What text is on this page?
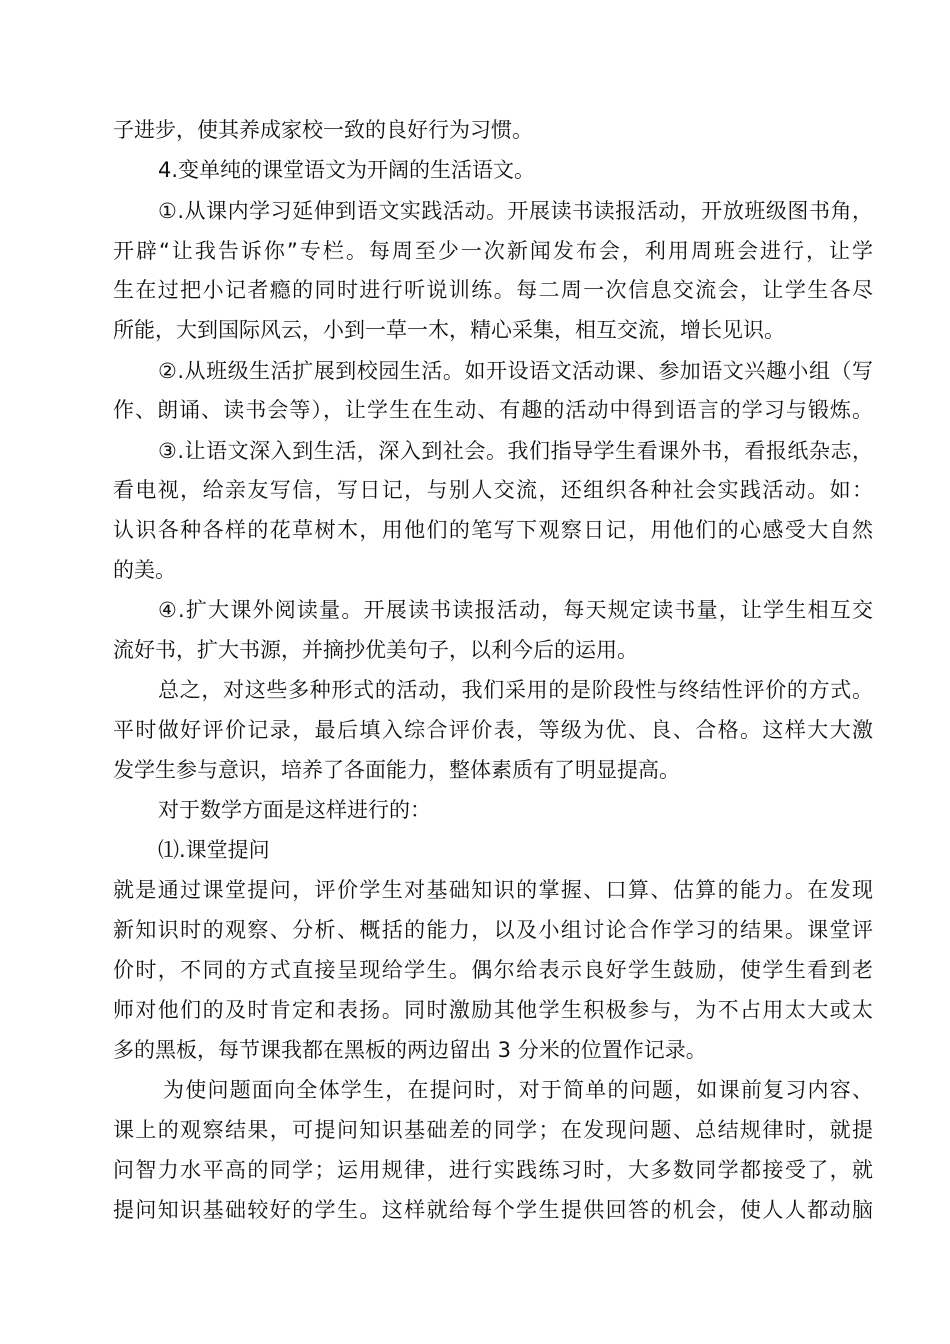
子进步，使其养成家校一致的良好行为习惯。
4.变单纯的课堂语文为开阔的生活语文。
①.从课内学习延伸到语文实践活动。开展读书读报活动，开放班级图书角，
开辟“让我告诉你”专栏。每周至少一次新闻发布会，利用周班会进行，让学
生在过把小记者瘾的同时进行听说训练。每二周一次信息交流会，让学生各尽
所能，大到国际风云，小到一草一木，精心采集，相互交流，增长见识。
②.从班级生活扩展到校园生活。如开设语文活动课、参加语文兴趣小组（写
作、朗诵、读书会等），让学生在生动、有趣的活动中得到语言的学习与锻炼。
③.让语文深入到生活，深入到社会。我们指导学生看课外书，看报纸杂志，
看电视，给亲友写信，写日记，与别人交流，还组织各种社会实践活动。如：
认识各种各样的花草树木，用他们的笔写下观察日记，用他们的心感受大自然
的美。
④.扩大课外阅读量。开展读书读报活动，每天规定读书量，让学生相互交
流好书，扩大书源，并摘抄优美句子，以利今后的运用。
总之，对这些多种形式的活动，我们采用的是阶段性与终结性评价的方式。
平时做好评价记录，最后填入综合评价表，等级为优、良、合格。这样大大激
发学生参与意识，培养了各面能力，整体素质有了明显提高。
对于数学方面是这样进行的：
⑴.课堂提问
就是通过课堂提问，评价学生对基础知识的掌握、口算、估算的能力。在发现
新知识时的观察、分析、概括的能力，以及小组讨论合作学习的结果。课堂评
价时，不同的方式直接呈现给学生。偶尔给表示良好学生鼓励，使学生看到老
师对他们的及时肯定和表扬。同时激励其他学生积极参与，为不占用太大或太
多的黑板，每节课我都在黑板的两边留出 3 分米的位置作记录。
为使问题面向全体学生，在提问时，对于简单的问题，如课前复习内容、
课上的观察结果，可提问知识基础差的同学；在发现问题、总结规律时，就提
问智力水平高的同学；运用规律，进行实践练习时，大多数同学都接受了，就
提问知识基础较好的学生。这样就给每个学生提供回答的机会，使人人都动脑
